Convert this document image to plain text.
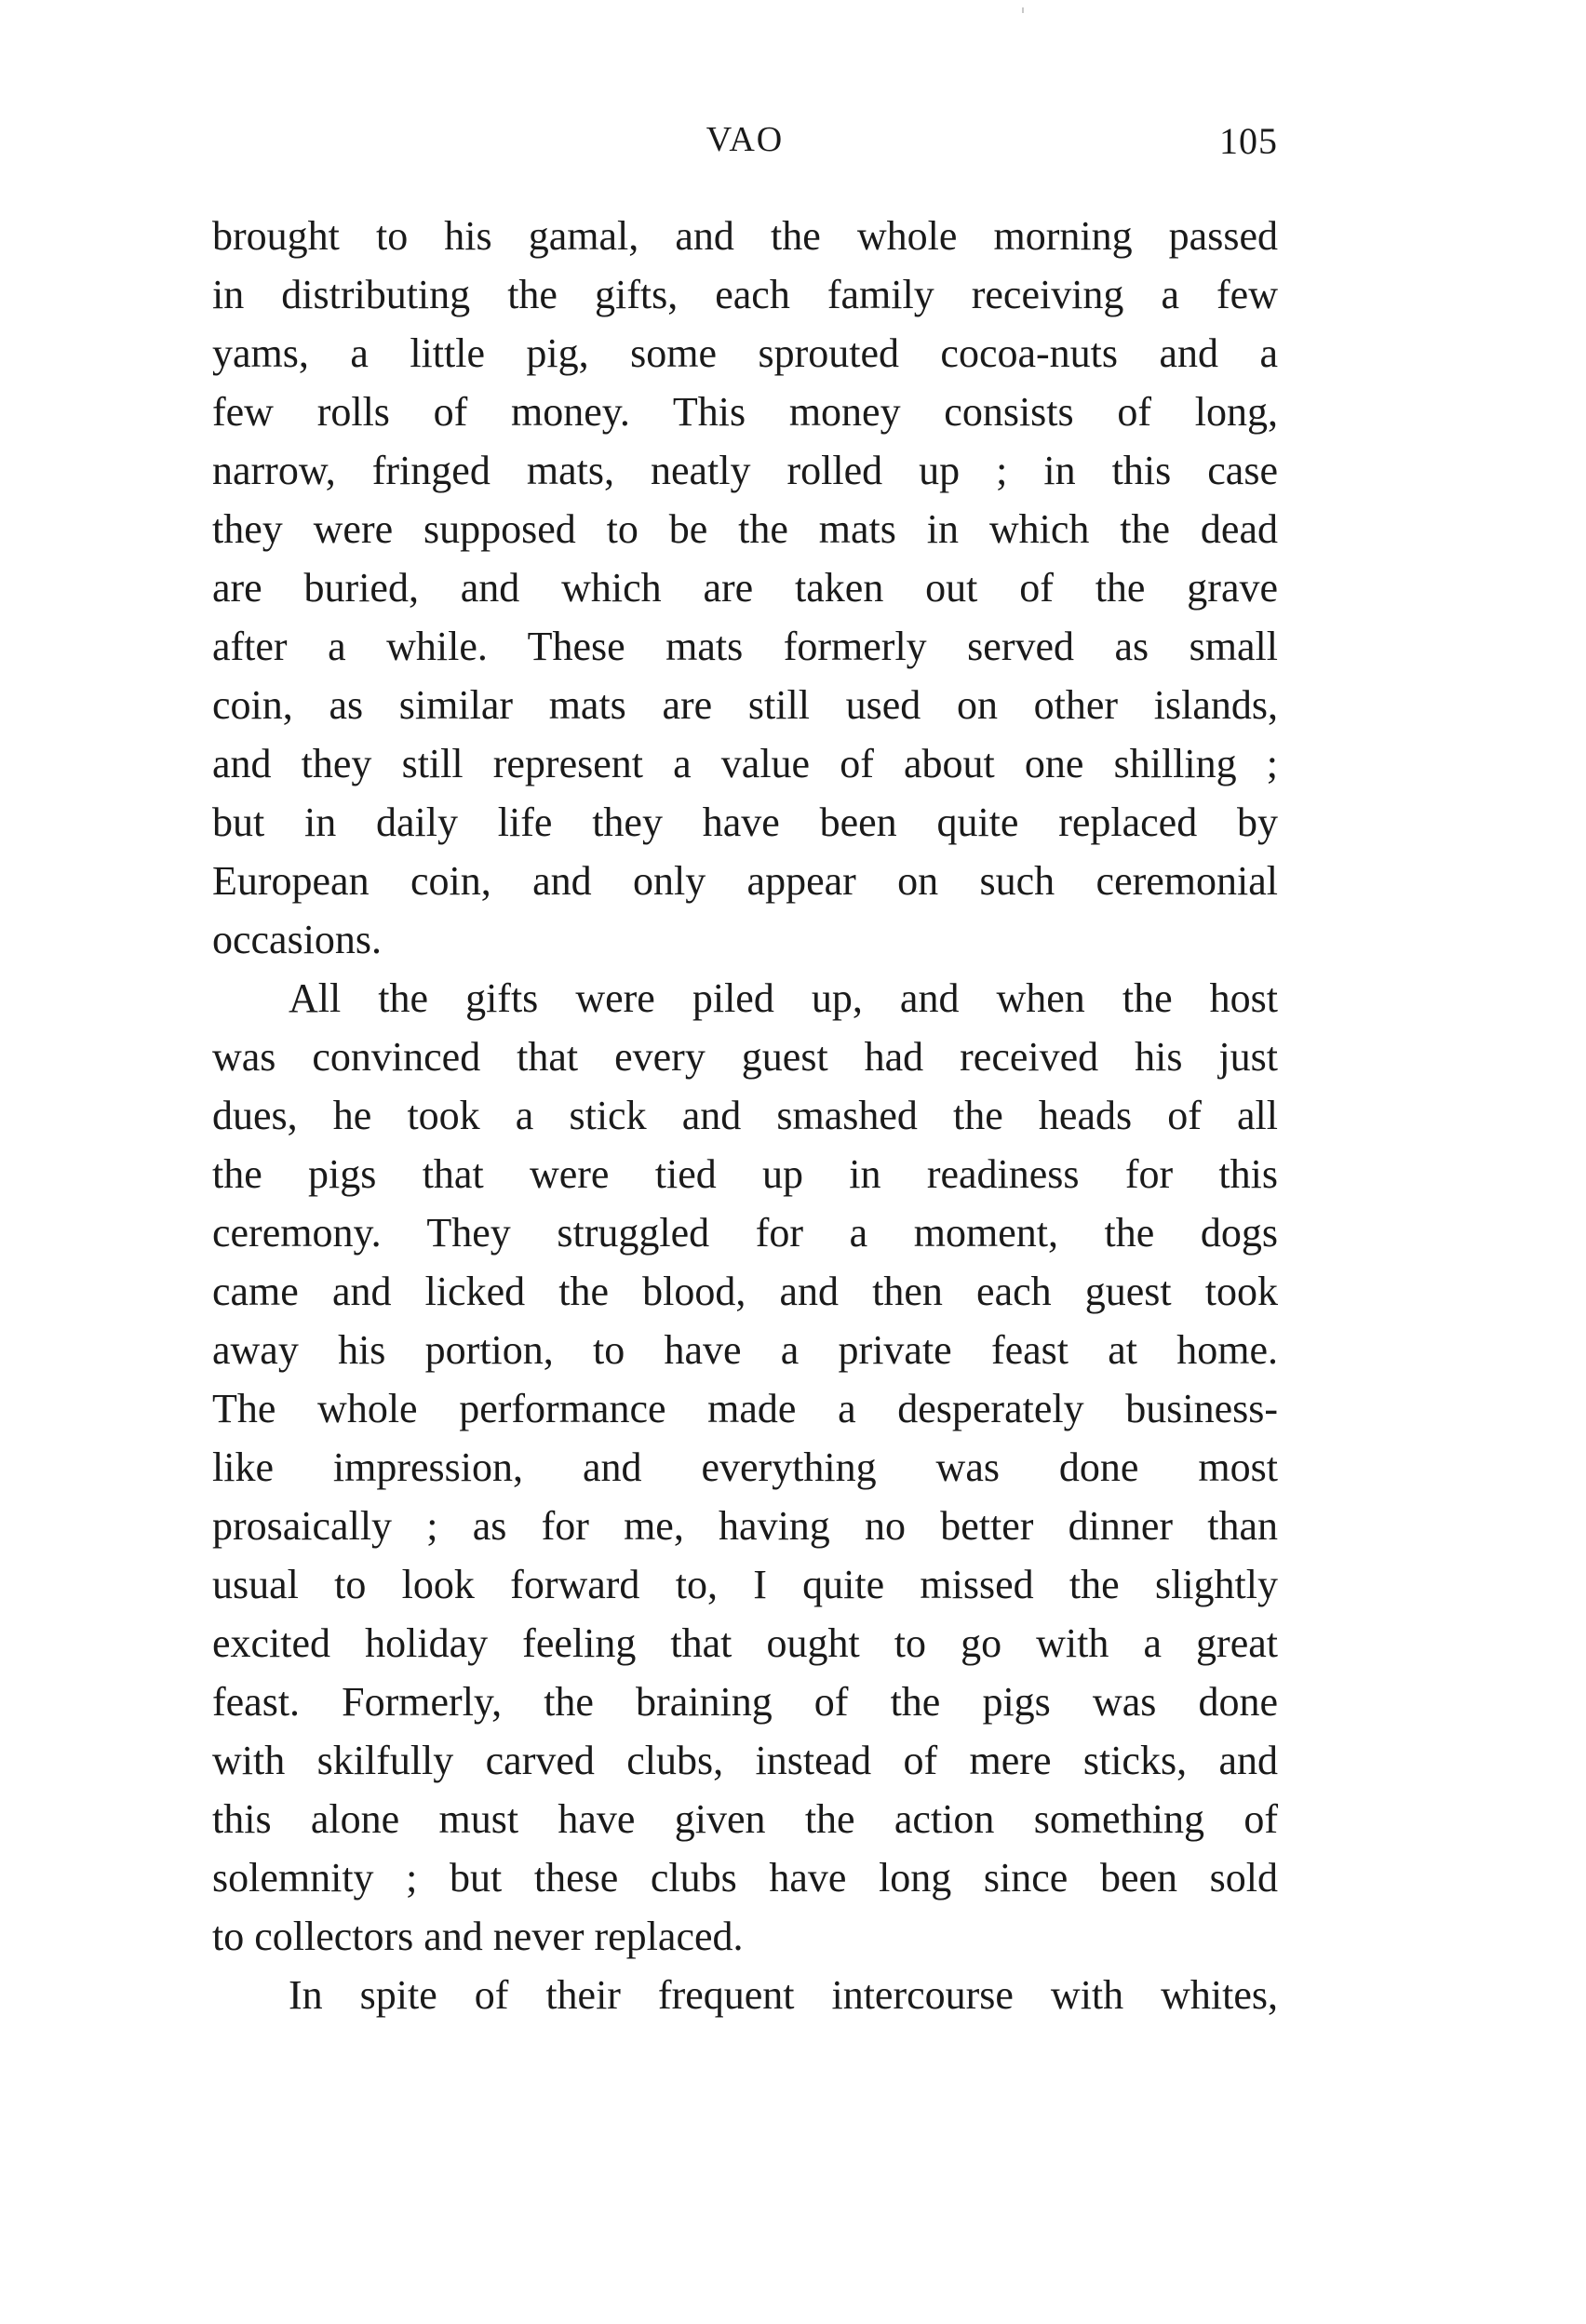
VAO	105
brought to his gamal, and the whole morning passed
in distributing the gifts, each family receiving a few
yams, a little pig, some sprouted cocoa-nuts and a
few rolls of money. This money consists of long,
narrow, fringed mats, neatly rolled up ; in this case
they were supposed to be the mats in which the dead
are buried, and which are taken out of the grave
after a while. These mats formerly served as small
coin, as similar mats are still used on other islands,
and they still represent a value of about one shilling ;
but in daily life they have been quite replaced by
European coin, and only appear on such ceremonial
occasions.
All the gifts were piled up, and when the host
was convinced that every guest had received his just
dues, he took a stick and smashed the heads of all
the pigs that were tied up in readiness for this
ceremony. They struggled for a moment, the dogs
came and licked the blood, and then each guest took
away his portion, to have a private feast at home.
The whole performance made a desperately business-
like impression, and everything was done most
prosaically ; as for me, having no better dinner than
usual to look forward to, I quite missed the slightly
excited holiday feeling that ought to go with a great
feast. Formerly, the braining of the pigs was done
with skilfully carved clubs, instead of mere sticks, and
this alone must have given the action something of
solemnity ; but these clubs have long since been sold
to collectors and never replaced.
In spite of their frequent intercourse with whites,
